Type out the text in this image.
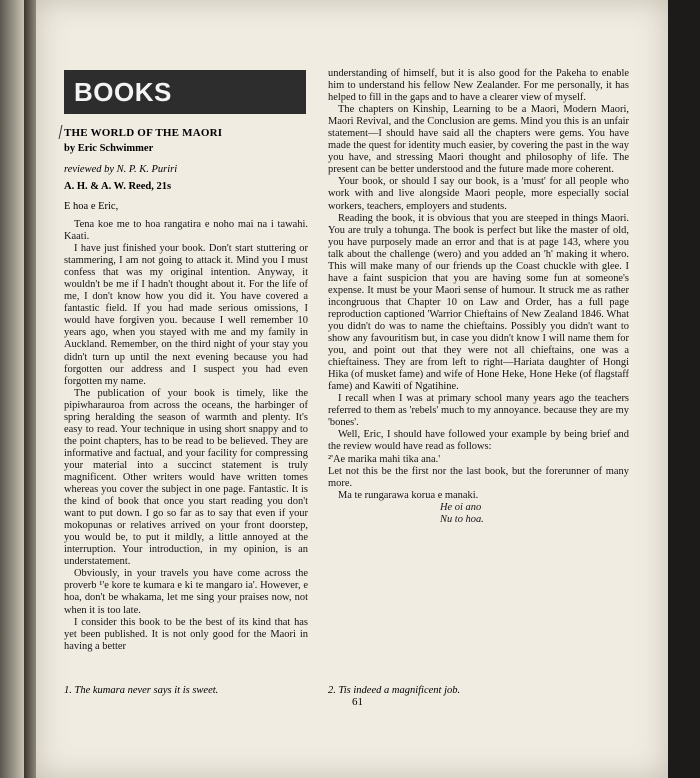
BOOKS
THE WORLD OF THE MAORI
by Eric Schwimmer
reviewed by N. P. K. Puriri
A. H. & A. W. Reed, 21s
E hoa e Eric,

Tena koe me to hoa rangatira e noho mai na i tawahi. Kaati.

I have just finished your book. Don't start stuttering or stammering, I am not going to attack it. Mind you I must confess that was my original intention. Anyway, it wouldn't be me if I hadn't thought about it. For the life of me, I don't know how you did it. You have covered a fantastic field. If you had made serious omissions, I would have forgiven you. because I well remember 10 years ago, when you stayed with me and my family in Auckland. Remember, on the third night of your stay you didn't turn up until the next evening because you had forgotten our address and I suspect you had even forgotten my name.

The publication of your book is timely, like the pipiwharauroa from across the oceans, the harbinger of spring heralding the season of warmth and plenty. It's easy to read. Your technique in using short snappy and to the point chapters, has to be read to be believed. They are informative and factual, and your facility for compressing your material into a succinct statement is truly magnificent. Other writers would have written tomes whereas you cover the subject in one page. Fantastic. It is the kind of book that once you start reading you don't want to put down. I go so far as to say that even if your mokopunas or relatives arrived on your front doorstep, you would be, to put it mildly, a little annoyed at the interruption. Your introduction, in my opinion, is an understatement.

Obviously, in your travels you have come across the proverb ¹'e kore te kumara e ki te mangaro ia'. However, e hoa, don't be whakama, let me sing your praises now, not when it is too late.

I consider this book to be the best of its kind that has yet been published. It is not only good for the Maori in having a better

understanding of himself, but it is also good for the Pakeha to enable him to understand his fellow New Zealander. For me personally, it has helped to fill in the gaps and to have a clearer view of myself.

The chapters on Kinship, Learning to be a Maori, Modern Maori, Maori Revival, and the Conclusion are gems. Mind you this is an unfair statement—I should have said all the chapters were gems. You have made the quest for identity much easier, by covering the past in the way you have, and stressing Maori thought and philosophy of life. The present can be better understood and the future made more coherent.

Your book, or should I say our book, is a 'must' for all people who work with and live alongside Maori people, more especially social workers, teachers, employers and students.

Reading the book, it is obvious that you are steeped in things Maori. You are truly a tohunga. The book is perfect but like the master of old, you have purposely made an error and that is at page 143, where you talk about the challenge (wero) and you added an 'h' making it whero. This will make many of our friends up the Coast chuckle with glee. I have a faint suspicion that you are having some fun at someone's expense. It must be your Maori sense of humour. It struck me as rather incongruous that Chapter 10 on Law and Order, has a full page reproduction captioned 'Warrior Chieftains of New Zealand 1846. What you didn't do was to name the chieftains. Possibly you didn't want to show any favouritism but, in case you didn't know I will name them for you, and point out that they were not all chieftains, one was a chieftainess. They are from left to right—Hariata daughter of Hongi Hika (of musket fame) and wife of Hone Heke, Hone Heke (of flagstaff fame) and Kawiti of Ngatihine.

I recall when I was at primary school many years ago the teachers referred to them as 'rebels' much to my annoyance. because they are my 'bones'.

Well, Eric, I should have followed your example by being brief and the review would have read as follows:

²'Ae marika mahi tika ana.'

Let not this be the first nor the last book, but the forerunner of many more.

Ma te rungarawa korua e manaki.

He oi ano

Nu to hoa.

1. The kumara never says it is sweet.	2. Tis indeed a magnificent job.
61
